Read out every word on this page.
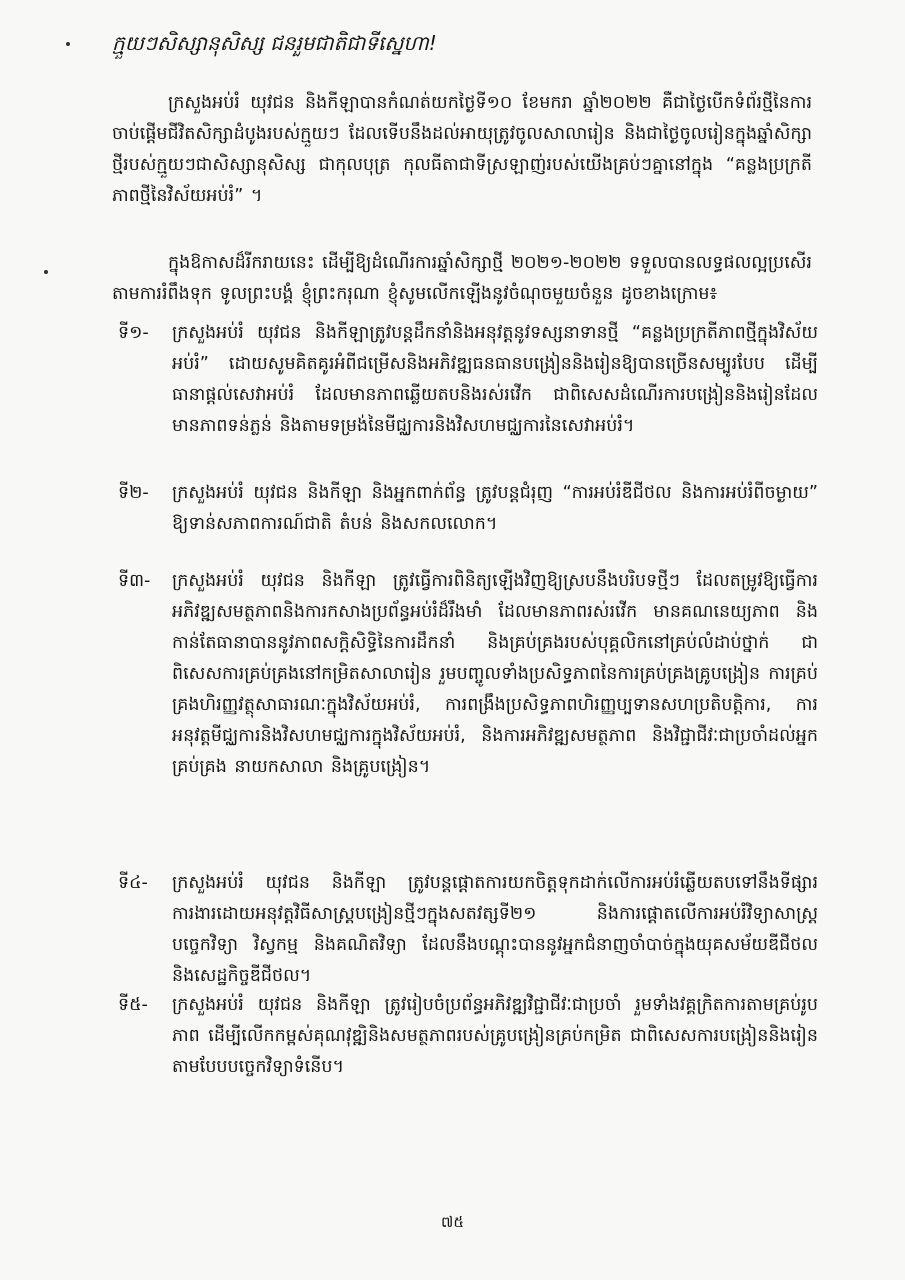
ក្មួយៗសិស្សានុសិស្ស ជនរួមជាតិជាទីស្នេហា!

ក្រសួងអប់រំ យុវជន និងកីឡាបានកំណត់យកថ្ងៃទី១០ ខែមករា ឆ្នាំ២០២២ គឺជាថ្ងៃបើកទំព័រថ្មីនៃការចាប់ផ្តើមជីវិតសិក្សាដំបូងរបស់ក្មួយៗ ដែលទើបនឹងដល់អាយុត្រូវចូលសាលារៀន និងជាថ្ងៃចូលរៀនក្នុងឆ្នាំសិក្សាថ្មីរបស់ក្មួយៗជាសិស្សានុសិស្ស ជាកុលបុត្រ កុលធីតាជាទីស្រឡាញ់របស់យើងគ្រប់ៗគ្នានៅក្នុង “គន្លងប្រក្រតីភាពថ្មីនៃវិស័យអប់រំ” ។

ក្នុងឱកាសដ៏រីករាយនេះ ដើម្បីឱ្យដំណើរការឆ្នាំសិក្សាថ្មី ២០២១-២០២២ ទទួលបានលទ្ធផលល្អប្រសើរតាមការរំពឹងទុក ទូលព្រះបង្គំ ខ្ញុំព្រះករុណា ខ្ញុំសូមលើកឡើងនូវចំណុចមួយចំនួន ដូចខាងក្រោម៖

ទី១-	ក្រសួងអប់រំ យុវជន និងកីឡាត្រូវបន្តដឹកនាំនិងអនុវត្តនូវទស្សនាទានថ្មី “គន្លងប្រក្រតីភាពថ្មីក្នុងវិស័យអប់រំ” ដោយសូមគិតគូរអំពីជម្រើសនិងអភិវឌ្ឍធនធានបង្រៀននិងរៀនឱ្យបានច្រើនសម្បូរបែប ដើម្បីធានាផ្តល់សេវាអប់រំ ដែលមានភាពឆ្លើយតបនិងរស់រវើក ជាពិសេសដំណើរការបង្រៀននិងរៀនដែលមានភាពទន់ភ្លន់ និងតាមទម្រង់នៃមីជ្ឈការនិងវិសហមជ្ឈការនៃសេវាអប់រំ។
ទី២-	ក្រសួងអប់រំ យុវជន និងកីឡា និងអ្នកពាក់ព័ន្ធ ត្រូវបន្តជំរុញ “ការអប់រំឌីជីថល និងការអប់រំពីចម្ងាយ” ឱ្យទាន់សភាពការណ៍ជាតិ តំបន់ និងសកលលោក។
ទី៣-	ក្រសួងអប់រំ យុវជន និងកីឡា ត្រូវធ្វើការពិនិត្យឡើងវិញឱ្យស្របនឹងបរិបទថ្មីៗ ដែលតម្រូវឱ្យធ្វើការអភិវឌ្ឍសមត្ថភាពនិងការកសាងប្រព័ន្ធអប់រំដ៏រឹងមាំ ដែលមានភាពរស់រវើក មានគណនេយ្យភាព និងកាន់តែធានាបាននូវភាពសក្តិសិទ្ធិនៃការដឹកនាំ និងគ្រប់គ្រងរបស់បុគ្គលិកនៅគ្រប់លំដាប់ថ្នាក់ ជាពិសេសការគ្រប់គ្រងនៅកម្រិតសាលារៀន រួមបញ្ចូលទាំងប្រសិទ្ធភាពនៃការគ្រប់គ្រងគ្រូបង្រៀន ការគ្រប់គ្រងហិរញ្ញវត្ថុសាធារណៈក្នុងវិស័យអប់រំ, ការពង្រឹងប្រសិទ្ធភាពហិរញ្ញប្បទានសហប្រតិបត្តិការ, ការអនុវត្តមីជ្ឈការនិងវិសហមជ្ឈការក្នុងវិស័យអប់រំ, និងការអភិវឌ្ឍសមត្ថភាព និងវិជ្ជាជីវៈជាប្រចាំដល់អ្នកគ្រប់គ្រង នាយកសាលា និងគ្រូបង្រៀន។
ទី៤-	ក្រសួងអប់រំ យុវជន និងកីឡា ត្រូវបន្តផ្តោតការយកចិត្តទុកដាក់លើការអប់រំឆ្លើយតបទៅនឹងទីផ្សារការងារដោយអនុវត្តវិធីសាស្ត្របង្រៀនថ្មីៗក្នុងសតវត្សទី២១ និងការផ្តោតលើការអប់រំវិទ្យាសាស្ត្រ បច្ចេកវិទ្យា វិស្វកម្ម និងគណិតវិទ្យា ដែលនឹងបណ្តុះបាននូវអ្នកជំនាញចាំបាច់ក្នុងយុគសម័យឌីជីថល និងសេដ្ឋកិច្ចឌីជីថល។
ទី៥-	ក្រសួងអប់រំ យុវជន និងកីឡា ត្រូវរៀបចំប្រព័ន្ធអភិវឌ្ឍវិជ្ជាជីវៈជាប្រចាំ រួមទាំងវគ្គក្រិតការតាមគ្រប់រូបភាព ដើម្បីលើកកម្ពស់គុណវុឌ្ឍិនិងសមត្ថភាពរបស់គ្រូបង្រៀនគ្រប់កម្រិត ជាពិសេសការបង្រៀននិងរៀនតាមបែបបច្ចេកវិទ្យាទំនើប។
៧៥
